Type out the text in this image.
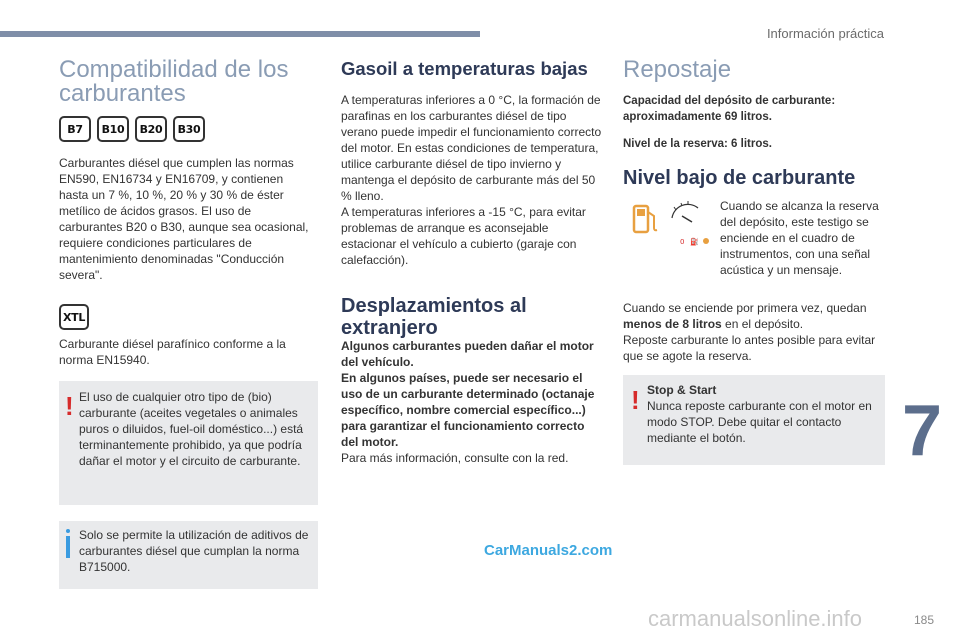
Información práctica
7
Compatibilidad de los carburantes
B7	B10	B20	B30
Carburantes diésel que cumplen las normas EN590, EN16734 y EN16709, y contienen hasta un 7 %, 10 %, 20 % y 30 % de éster metílico de ácidos grasos. El uso de carburantes B20 o B30, aunque sea ocasional, requiere condiciones particulares de mantenimiento denominadas "Conducción severa".
XTL
Carburante diésel parafínico conforme a la norma EN15940.
! El uso de cualquier otro tipo de (bio) carburante (aceites vegetales o animales puros o diluidos, fuel-oil doméstico...) está terminantemente prohibido, ya que podría dañar el motor y el circuito de carburante.
Solo se permite la utilización de aditivos de carburantes diésel que cumplan la norma B715000.
Gasoil a temperaturas bajas
A temperaturas inferiores a 0 °C, la formación de parafinas en los carburantes diésel de tipo verano puede impedir el funcionamiento correcto del motor. En estas condiciones de temperatura, utilice carburante diésel de tipo invierno y mantenga el depósito de carburante más del 50 % lleno.
A temperaturas inferiores a -15 °C, para evitar problemas de arranque es aconsejable estacionar el vehículo a cubierto (garaje con calefacción).
Desplazamientos al extranjero
Algunos carburantes pueden dañar el motor del vehículo.
En algunos países, puede ser necesario el uso de un carburante determinado (octanaje específico, nombre comercial específico...) para garantizar el funcionamiento correcto del motor.
Para más información, consulte con la red.
Repostaje
Capacidad del depósito de carburante: aproximadamente 69 litros.
Nivel de la reserva: 6 litros.
Nivel bajo de carburante
0 ⛽
Cuando se alcanza la reserva del depósito, este testigo se enciende en el cuadro de instrumentos, con una señal acústica y un mensaje.
Cuando se enciende por primera vez, quedan menos de 8 litros en el depósito.
Reposte carburante lo antes posible para evitar que se agote la reserva.
! Stop & Start
Nunca reposte carburante con el motor en modo STOP. Debe quitar el contacto mediante el botón.
CarManuals2.com
carmanualsonline.info	185
